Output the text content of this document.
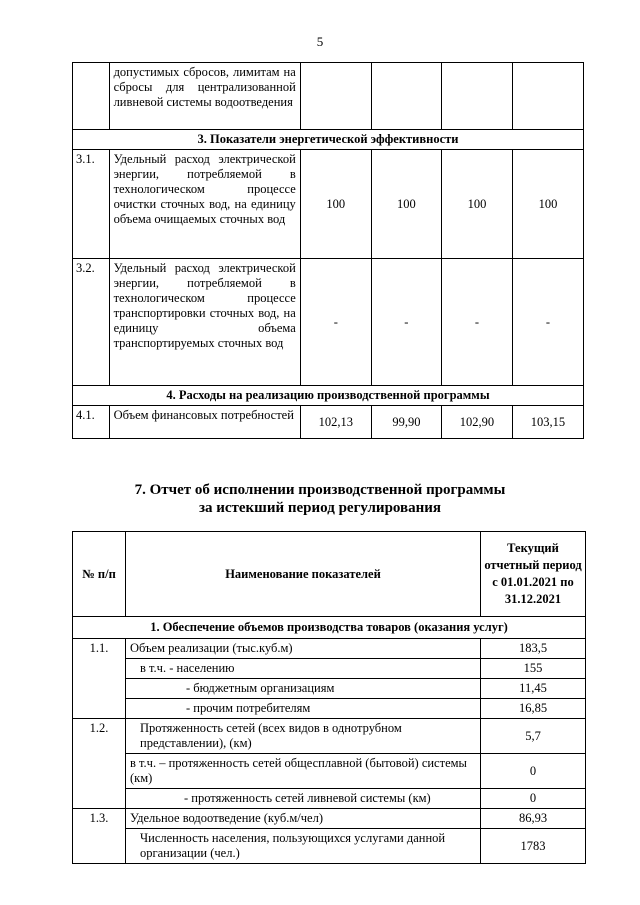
5
	допустимых сбросов, лимитам на сбросы для централизованной ливневой системы водоотведения				
3. Показатели энергетической эффективности					
3.1.	Удельный расход электрической энергии, потребляемой в технологическом процессе очистки сточных вод, на единицу объема очищаемых сточных вод	100	100	100	100
3.2.	Удельный расход электрической энергии, потребляемой в технологическом процессе транспортировки сточных вод, на единицу объема транспортируемых сточных вод	-	-	-	-
4. Расходы на реализацию производственной программы					
4.1.	Объем финансовых потребностей	102,13	99,90	102,90	103,15
7. Отчет об исполнении производственной программы
за истекший период регулирования
№ п/п	Наименование показателей	Текущий отчетный период с 01.01.2021 по 31.12.2021
1. Обеспечение объемов производства товаров (оказания услуг)		
1.1.	Объем реализации (тыс.куб.м)	183,5
	в т.ч. - населению	155
	- бюджетным организациям	11,45
	- прочим потребителям	16,85
1.2.	Протяженность сетей (всех видов в однотрубном представлении), (км)	5,7
	в т.ч. – протяженность сетей общесплавной (бытовой) системы (км)	0
	- протяженность сетей ливневой системы (км)	0
1.3.	Удельное водоотведение (куб.м/чел)	86,93
	Численность населения, пользующихся услугами данной организации (чел.)	1783
